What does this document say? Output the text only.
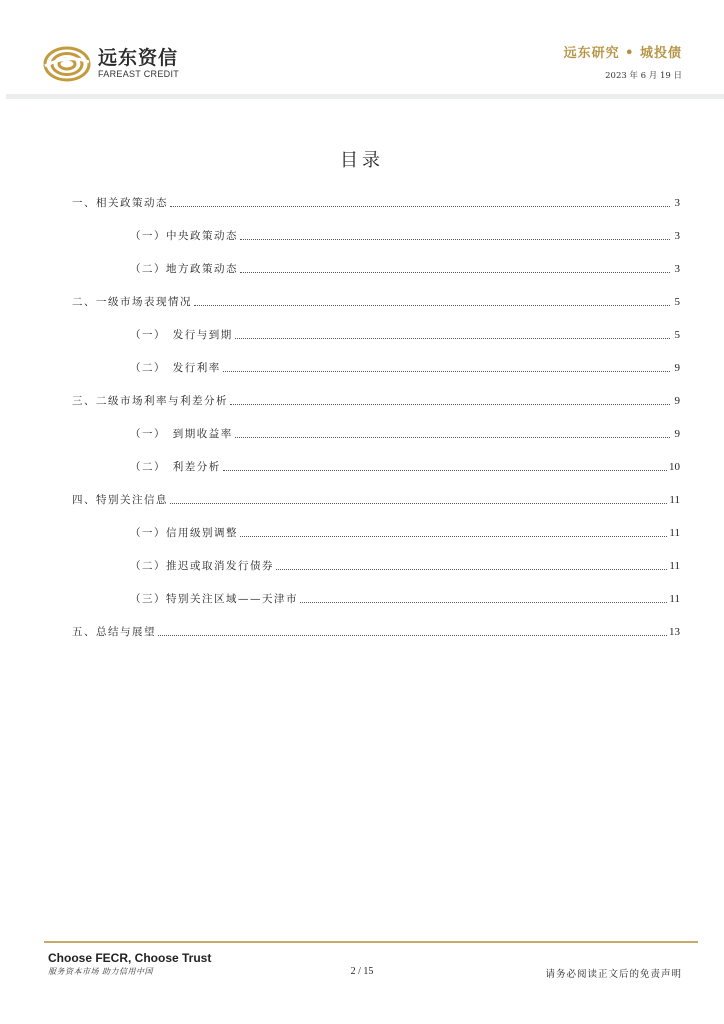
远东资信
FAREAST CREDIT
远东研究 • 城投债
2023 年 6 月 19 日
目录
一、相关政策动态	3
（一）中央政策动态	3
（二）地方政策动态	3
二、一级市场表现情况	5
（一）　发行与到期	5
（二）　发行利率	9
三、二级市场利率与利差分析	9
（一）　到期收益率	9
（二）　利差分析	10
四、特别关注信息	11
（一）信用级别调整	11
（二）推迟或取消发行债券	11
（三）特别关注区域——天津市	11
五、总结与展望	13
Choose FECR, Choose Trust
服务资本市场 助力信用中国	2 / 15	请务必阅读正文后的免责声明
